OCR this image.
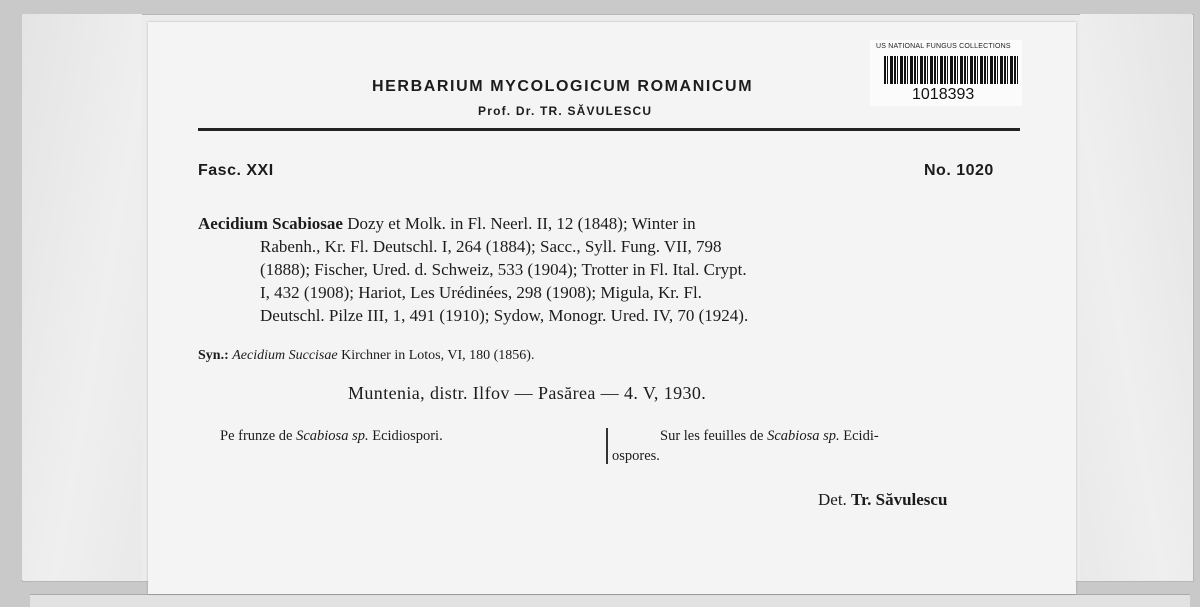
HERBARIUM MYCOLOGICUM ROMANICUM
Prof. Dr. TR. SĂVULESCU
US NATIONAL FUNGUS COLLECTIONS
1018393
Fasc. XXI	No. 1020
Aecidium Scabiosae Dozy et Molk. in Fl. Neerl. II, 12 (1848); Winter in
Rabenh., Kr. Fl. Deutschl. I, 264 (1884); Sacc., Syll. Fung. VII, 798
(1888); Fischer, Ured. d. Schweiz, 533 (1904); Trotter in Fl. Ital. Crypt.
I, 432 (1908); Hariot, Les Urédinées, 298 (1908); Migula, Kr. Fl.
Deutschl. Pilze III, 1, 491 (1910); Sydow, Monogr. Ured. IV, 70 (1924).
Syn.: Aecidium Succisae Kirchner in Lotos, VI, 180 (1856).
Muntenia, distr. Ilfov — Pasărea — 4. V, 1930.
Pe frunze de Scabiosa sp. Ecidiospori.	Sur les feuilles de Scabiosa sp. Ecidi-
ospores.
Det. Tr. Săvulescu
